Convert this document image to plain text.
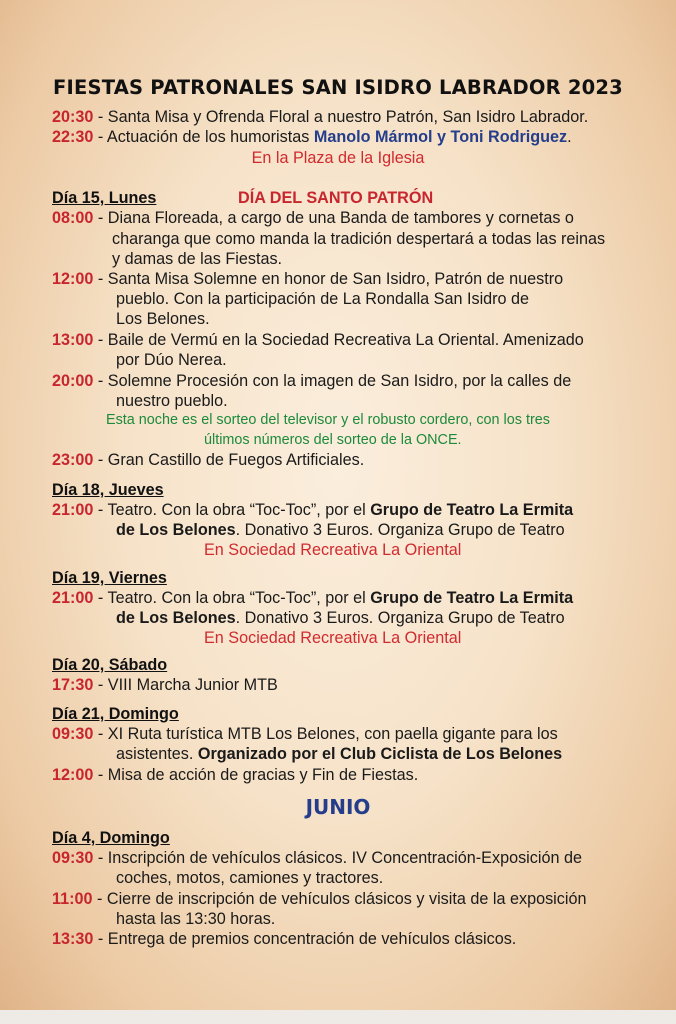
FIESTAS PATRONALES SAN ISIDRO LABRADOR 2023
20:30 - Santa Misa y Ofrenda Floral a nuestro Patrón, San Isidro Labrador.
22:30 - Actuación de los humoristas Manolo Mármol y Toni Rodriguez.
En la Plaza de la Iglesia
Día 15, Lunes	DÍA DEL SANTO PATRÓN
08:00 - Diana Floreada, a cargo de una Banda de tambores y cornetas o
charanga que como manda la tradición despertará a todas las reinas
y damas de las Fiestas.
12:00 - Santa Misa Solemne en honor de San Isidro, Patrón de nuestro
pueblo. Con la participación de La Rondalla San Isidro de
Los Belones.
13:00 - Baile de Vermú en la Sociedad Recreativa La Oriental. Amenizado
por Dúo Nerea.
20:00 - Solemne Procesión con la imagen de San Isidro, por la calles de
nuestro pueblo.
Esta noche es el sorteo del televisor y el robusto cordero, con los tres
últimos números del sorteo de la ONCE.
23:00 - Gran Castillo de Fuegos Artificiales.
Día 18, Jueves
21:00 - Teatro. Con la obra “Toc-Toc”, por el Grupo de Teatro La Ermita
de Los Belones. Donativo 3 Euros. Organiza Grupo de Teatro
En Sociedad Recreativa La Oriental
Día 19, Viernes
21:00 - Teatro. Con la obra “Toc-Toc”, por el Grupo de Teatro La Ermita
de Los Belones. Donativo 3 Euros. Organiza Grupo de Teatro
En Sociedad Recreativa La Oriental
Día 20, Sábado
17:30 - VIII Marcha Junior MTB
Día 21, Domingo
09:30 - XI Ruta turística MTB Los Belones, con paella gigante para los
asistentes. Organizado por el Club Ciclista de Los Belones
12:00 - Misa de acción de gracias y Fin de Fiestas.
JUNIO
Día 4, Domingo
09:30 - Inscripción de vehículos clásicos. IV Concentración-Exposición de
coches, motos, camiones y tractores.
11:00 - Cierre de inscripción de vehículos clásicos y visita de la exposición
hasta las 13:30 horas.
13:30 - Entrega de premios concentración de vehículos clásicos.
